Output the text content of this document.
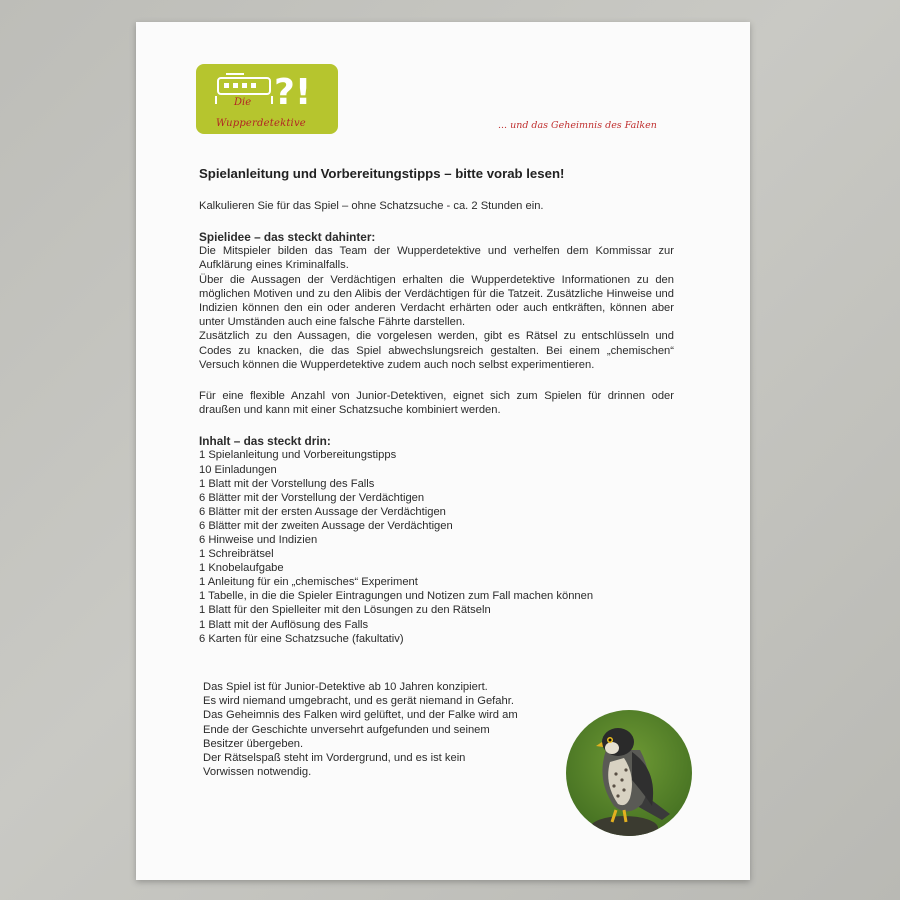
?!
Die
Wupperdetektive	... und das Geheimnis des Falken
Spielanleitung und Vorbereitungstipps – bitte vorab lesen!

Kalkulieren Sie für das Spiel – ohne Schatzsuche - ca. 2 Stunden ein.

Spielidee – das steckt dahinter:

Die Mitspieler bilden das Team der Wupperdetektive und verhelfen dem Kommissar zur Aufklärung eines Kriminalfalls.

Über die Aussagen der Verdächtigen erhalten die Wupperdetektive Informationen zu den möglichen Motiven und zu den Alibis der Verdächtigen für die Tatzeit. Zusätzliche Hinweise und Indizien können den ein oder anderen Verdacht erhärten oder auch entkräften, können aber unter Umständen auch eine falsche Fährte darstellen.

Zusätzlich zu den Aussagen, die vorgelesen werden, gibt es Rätsel zu entschlüsseln und Codes zu knacken, die das Spiel abwechslungsreich gestalten. Bei einem „chemischen“ Versuch können die Wupperdetektive zudem auch noch selbst experimentieren.

Für eine flexible Anzahl von Junior-Detektiven, eignet sich zum Spielen für drinnen oder draußen und kann mit einer Schatzsuche kombiniert werden.

Inhalt – das steckt drin:

1 Spielanleitung und Vorbereitungstipps
10 Einladungen
1 Blatt mit der Vorstellung des Falls
6 Blätter mit der Vorstellung der Verdächtigen
6 Blätter mit der ersten Aussage der Verdächtigen
6 Blätter mit der zweiten Aussage der Verdächtigen
6 Hinweise und Indizien
1 Schreibrätsel
1 Knobelaufgabe
1 Anleitung für ein „chemisches“ Experiment
1 Tabelle, in die die Spieler Eintragungen und Notizen zum Fall machen können
1 Blatt für den Spielleiter mit den Lösungen zu den Rätseln
1 Blatt mit der Auflösung des Falls
6 Karten für eine Schatzsuche (fakultativ)

Das Spiel ist für Junior-Detektive ab 10 Jahren konzipiert.

Es wird niemand umgebracht, und es gerät niemand in Gefahr.

Das Geheimnis des Falken wird gelüftet, und der Falke wird am

Ende der Geschichte unversehrt aufgefunden und seinem

Besitzer übergeben.

Der Rätselspaß steht im Vordergrund, und es ist kein

Vorwissen notwendig.
